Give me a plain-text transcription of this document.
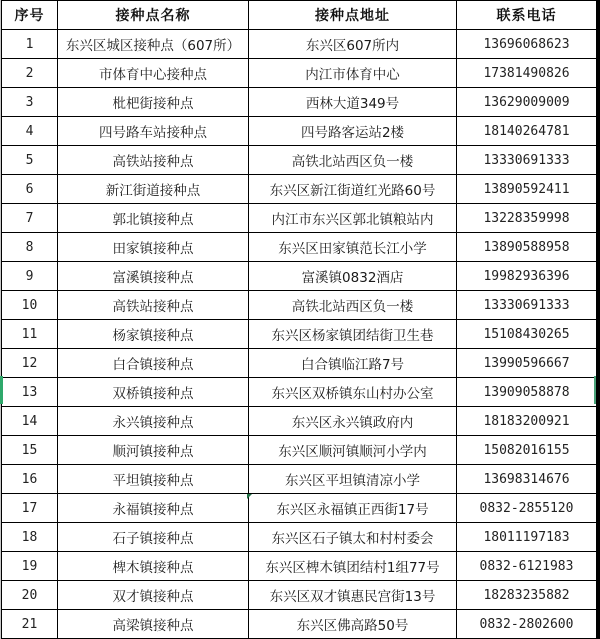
序号	接种点名称	接种点地址	联系电话
1	东兴区城区接种点（607所）	东兴区607所内	13696068623
2	市体育中心接种点	内江市体育中心	17381490826
3	枇杷街接种点	西林大道349号	13629009009
4	四号路车站接种点	四号路客运站2楼	18140264781
5	高铁站接种点	高铁北站西区负一楼	13330691333
6	新江街道接种点	东兴区新江街道红光路60号	13890592411
7	郭北镇接种点	内江市东兴区郭北镇粮站内	13228359998
8	田家镇接种点	东兴区田家镇范长江小学	13890588958
9	富溪镇接种点	富溪镇0832酒店	19982936396
10	高铁站接种点	高铁北站西区负一楼	13330691333
11	杨家镇接种点	东兴区杨家镇团结街卫生巷	15108430265
12	白合镇接种点	白合镇临江路7号	13990596667
13	双桥镇接种点	东兴区双桥镇东山村办公室	13909058878
14	永兴镇接种点	东兴区永兴镇政府内	18183200921
15	顺河镇接种点	东兴区顺河镇顺河小学内	15082016155
16	平坦镇接种点	东兴区平坦镇清凉小学	13698314676
17	永福镇接种点	东兴区永福镇正西街17号	0832-2855120
18	石子镇接种点	东兴区石子镇太和村村委会	18011197183
19	椑木镇接种点	东兴区椑木镇团结村1组77号	0832-6121983
20	双才镇接种点	东兴区双才镇惠民宫街13号	18283235882
21	高梁镇接种点	东兴区佛高路50号	0832-2802600
